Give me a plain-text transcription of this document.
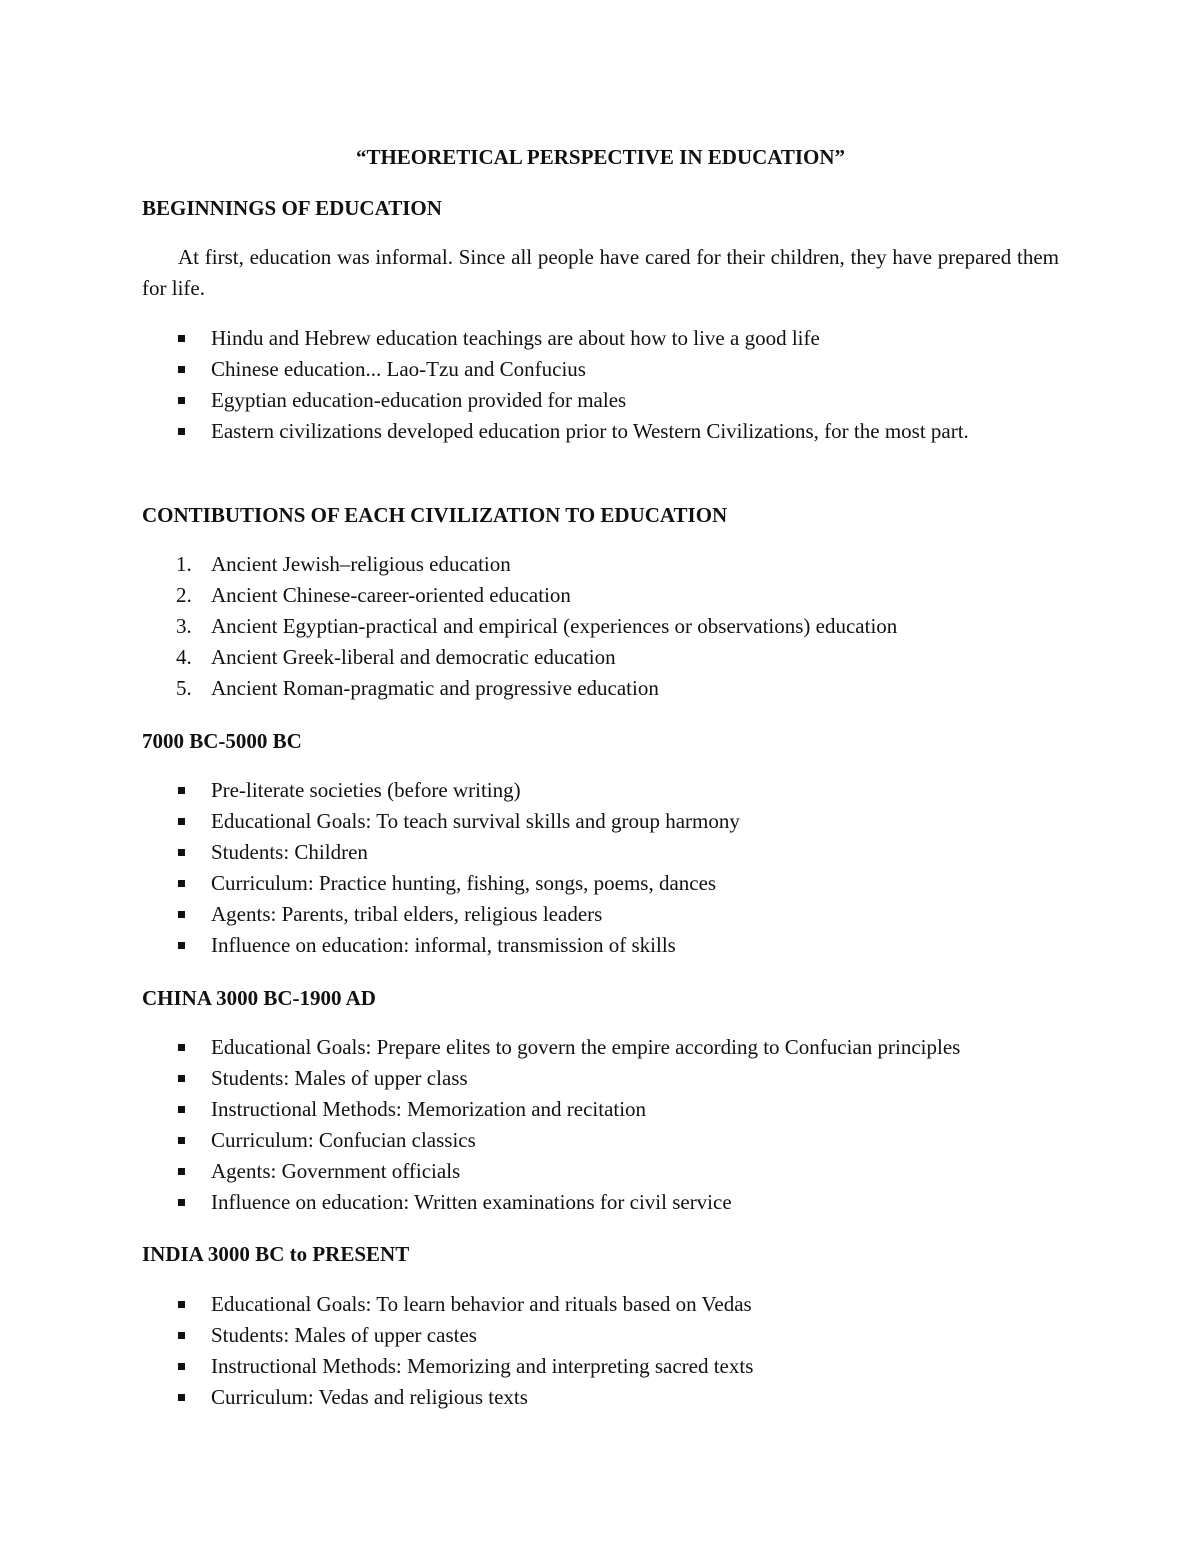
“THEORETICAL PERSPECTIVE IN EDUCATION”
BEGINNINGS OF EDUCATION
At first, education was informal. Since all people have cared for their children, they have prepared them for life.
Hindu and Hebrew education teachings are about how to live a good life
Chinese education... Lao-Tzu and Confucius
Egyptian education-education provided for males
Eastern civilizations developed education prior to Western Civilizations, for the most part.
CONTIBUTIONS OF EACH CIVILIZATION TO EDUCATION
1. Ancient Jewish–religious education
2. Ancient Chinese-career-oriented education
3. Ancient Egyptian-practical and empirical (experiences or observations) education
4. Ancient Greek-liberal and democratic education
5. Ancient Roman-pragmatic and progressive education
7000 BC-5000 BC
Pre-literate societies (before writing)
Educational Goals: To teach survival skills and group harmony
Students: Children
Curriculum: Practice hunting, fishing, songs, poems, dances
Agents: Parents, tribal elders, religious leaders
Influence on education: informal, transmission of skills
CHINA 3000 BC-1900 AD
Educational Goals: Prepare elites to govern the empire according to Confucian principles
Students: Males of upper class
Instructional Methods: Memorization and recitation
Curriculum: Confucian classics
Agents: Government officials
Influence on education: Written examinations for civil service
INDIA 3000 BC to PRESENT
Educational Goals: To learn behavior and rituals based on Vedas
Students: Males of upper castes
Instructional Methods: Memorizing and interpreting sacred texts
Curriculum: Vedas and religious texts
